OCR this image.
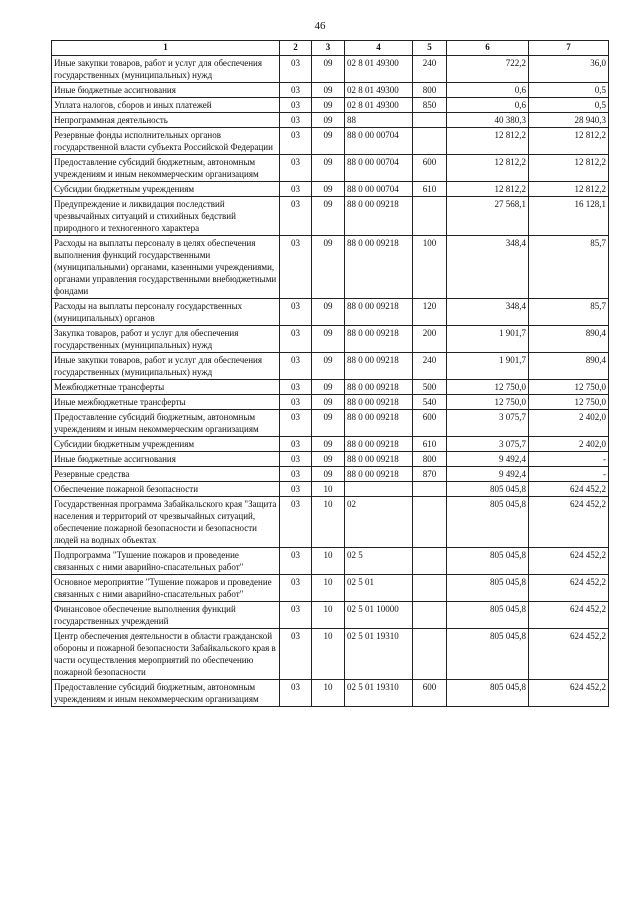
46
1	2	3	4	5	6	7
Иные закупки товаров, работ и услуг для обеспечения государственных (муниципальных) нужд	03	09	02 8 01 49300	240	722,2	36,0
Иные бюджетные ассигнования	03	09	02 8 01 49300	800	0,6	0,5
Уплата налогов, сборов и иных платежей	03	09	02 8 01 49300	850	0,6	0,5
Непрограммная деятельность	03	09	88		40 380,3	28 940,3
Резервные фонды исполнительных органов государственной власти субъекта Российской Федерации	03	09	88 0 00 00704		12 812,2	12 812,2
Предоставление субсидий бюджетным, автономным учреждениям и иным некоммерческим организациям	03	09	88 0 00 00704	600	12 812,2	12 812,2
Субсидии бюджетным учреждениям	03	09	88 0 00 00704	610	12 812,2	12 812,2
Предупреждение и ликвидация последствий чрезвычайных ситуаций и стихийных бедствий природного и техногенного характера	03	09	88 0 00 09218		27 568,1	16 128,1
Расходы на выплаты персоналу в целях обеспечения выполнения функций государственными (муниципальными) органами, казенными учреждениями, органами управления государственными внебюджетными фондами	03	09	88 0 00 09218	100	348,4	85,7
Расходы на выплаты персоналу государственных (муниципальных) органов	03	09	88 0 00 09218	120	348,4	85,7
Закупка товаров, работ и услуг для обеспечения государственных (муниципальных) нужд	03	09	88 0 00 09218	200	1 901,7	890,4
Иные закупки товаров, работ и услуг для обеспечения государственных (муниципальных) нужд	03	09	88 0 00 09218	240	1 901,7	890,4
Межбюджетные трансферты	03	09	88 0 00 09218	500	12 750,0	12 750,0
Иные межбюджетные трансферты	03	09	88 0 00 09218	540	12 750,0	12 750,0
Предоставление субсидий бюджетным, автономным учреждениям и иным некоммерческим организациям	03	09	88 0 00 09218	600	3 075,7	2 402,0
Субсидии бюджетным учреждениям	03	09	88 0 00 09218	610	3 075,7	2 402,0
Иные бюджетные ассигнования	03	09	88 0 00 09218	800	9 492,4	-
Резервные средства	03	09	88 0 00 09218	870	9 492,4	-
Обеспечение пожарной безопасности	03	10			805 045,8	624 452,2
Государственная программа Забайкальского края "Защита населения и территорий от чрезвычайных ситуаций, обеспечение пожарной безопасности и безопасности людей на водных объектах	03	10	02		805 045,8	624 452,2
Подпрограмма "Тушение пожаров и проведение связанных с ними аварийно-спасательных работ"	03	10	02 5		805 045,8	624 452,2
Основное мероприятие "Тушение пожаров и проведение связанных с ними аварийно-спасательных работ"	03	10	02 5 01		805 045,8	624 452,2
Финансовое обеспечение выполнения функций государственных учреждений	03	10	02 5 01 10000		805 045,8	624 452,2
Центр обеспечения деятельности в области гражданской обороны и пожарной безопасности Забайкальского края в части осуществления мероприятий по обеспечению пожарной безопасности	03	10	02 5 01 19310		805 045,8	624 452,2
Предоставление субсидий бюджетным, автономным учреждениям и иным некоммерческим организациям	03	10	02 5 01 19310	600	805 045,8	624 452,2
